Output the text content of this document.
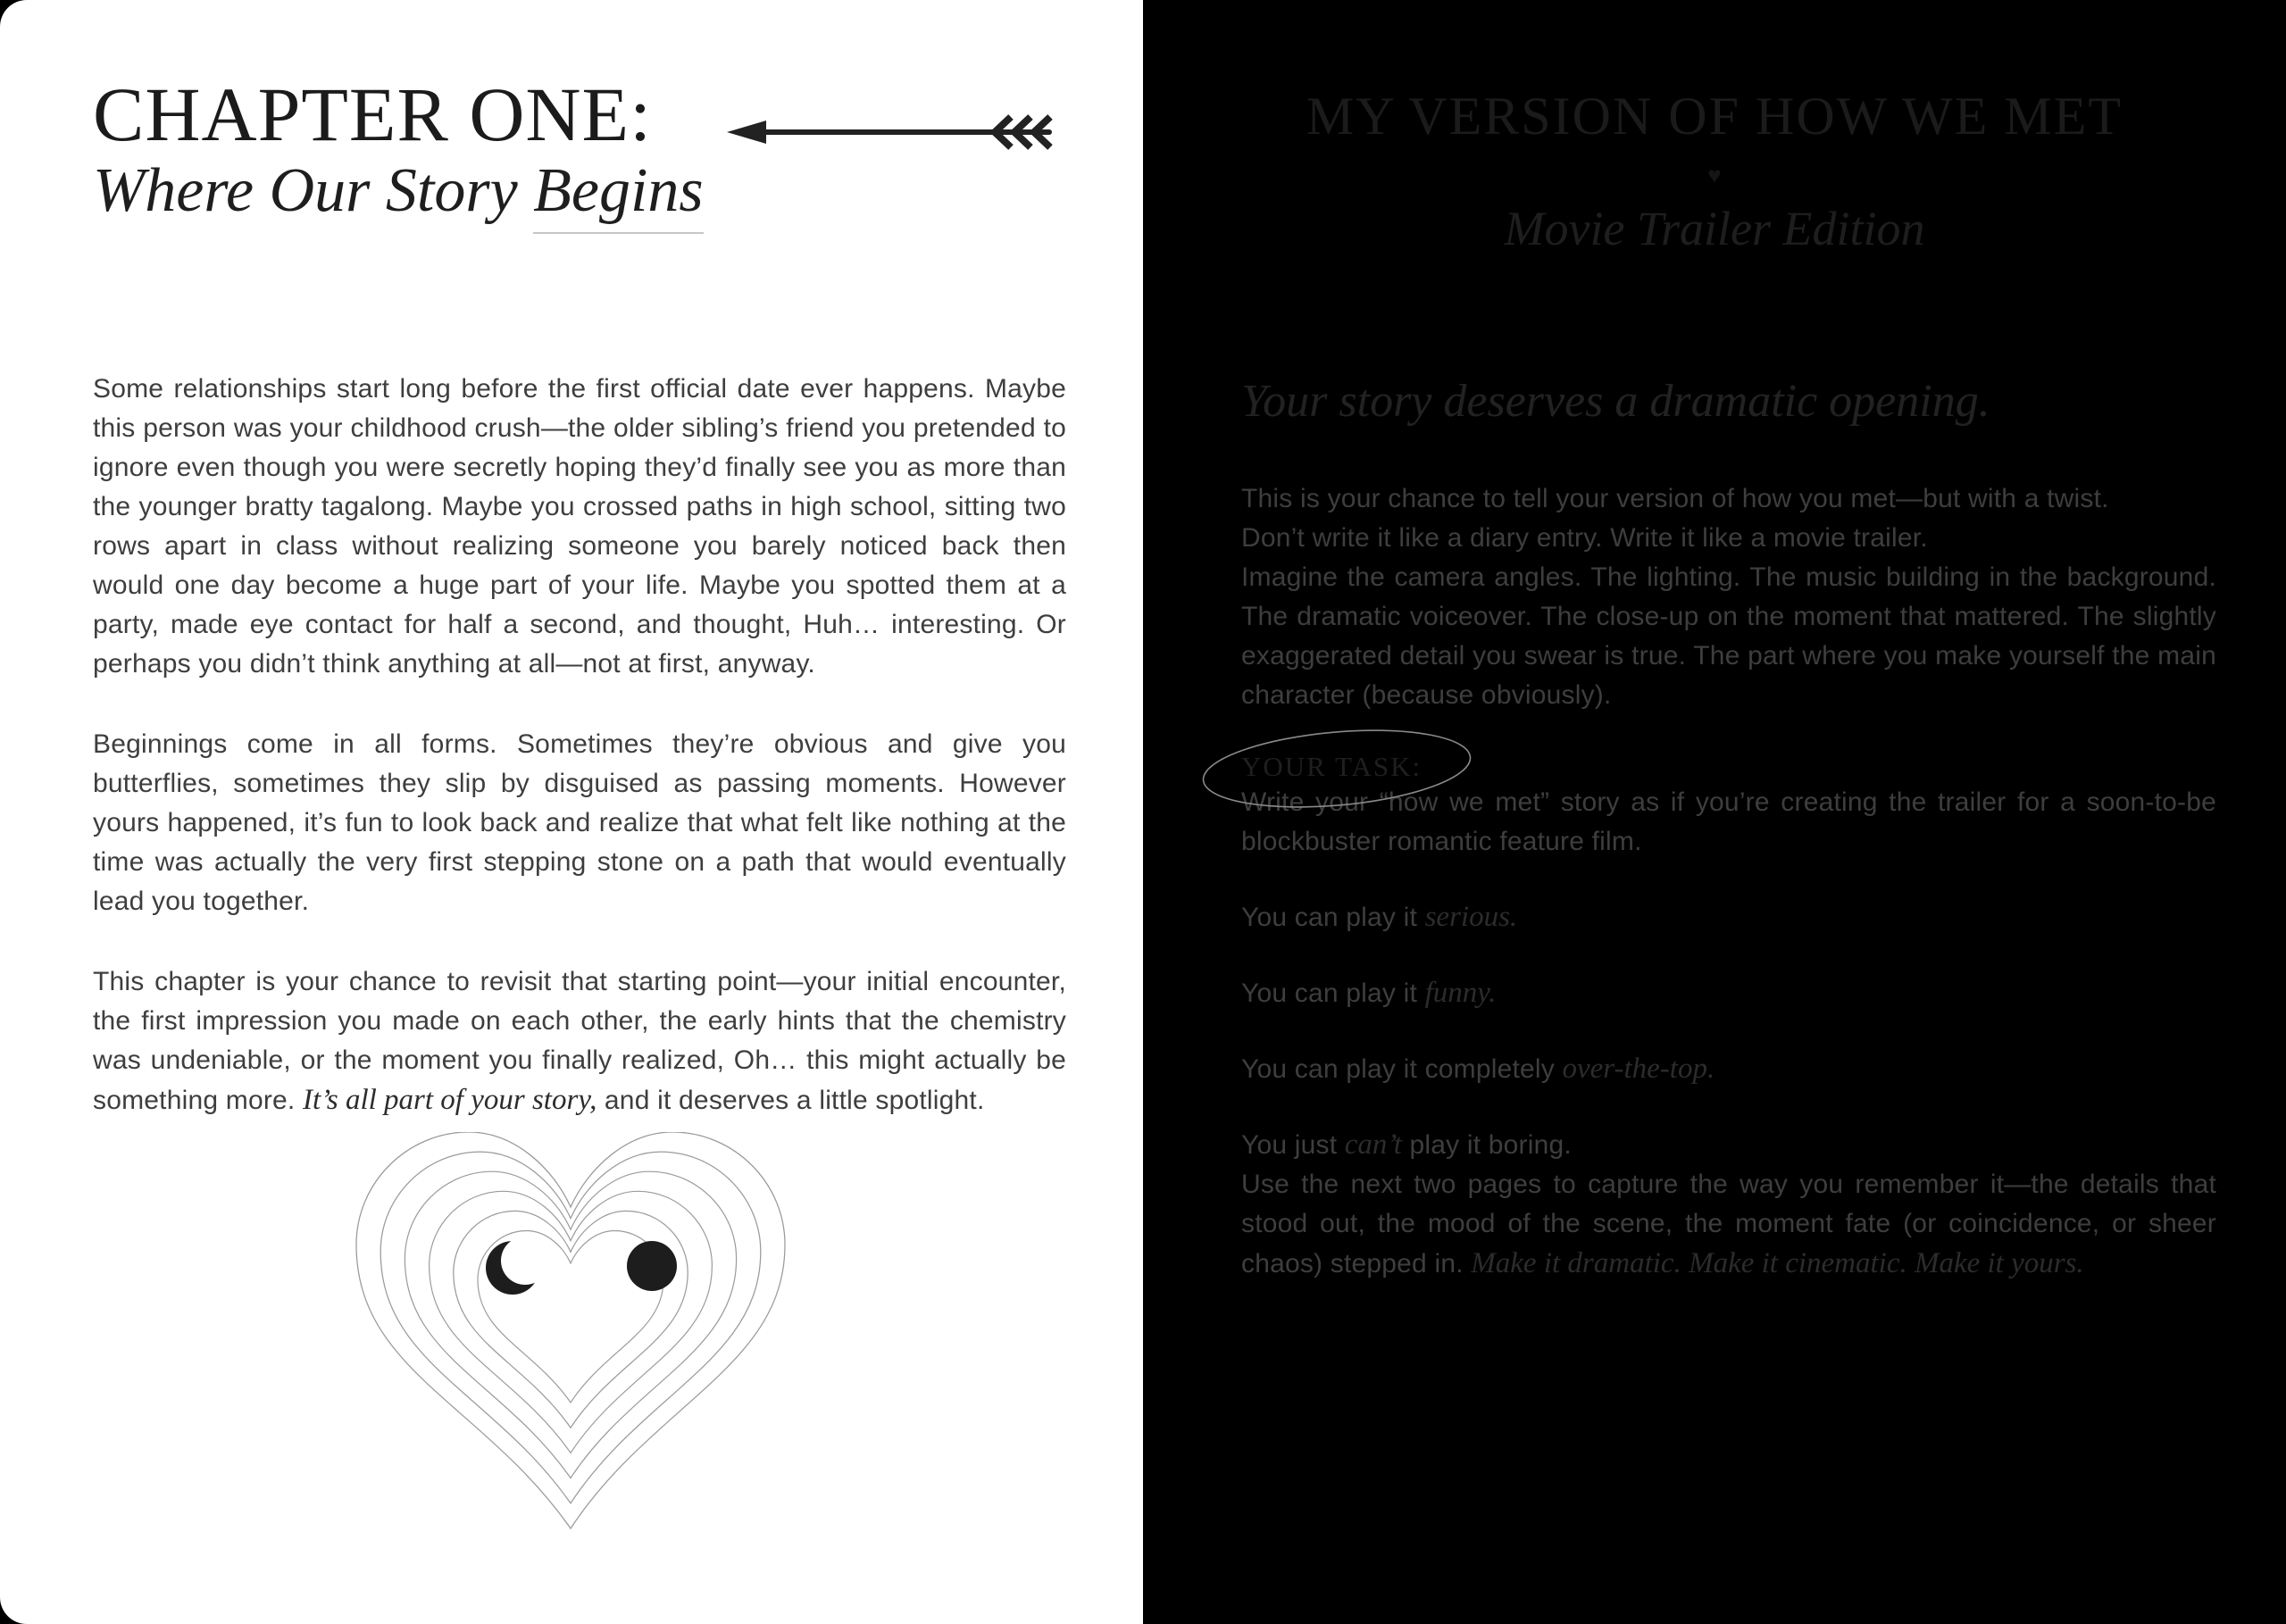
CHAPTER ONE:
Where Our Story Begins

Some relationships start long before the first official date ever happens. Maybe this person was your childhood crush—the older sibling’s friend you pretended to ignore even though you were secretly hoping they’d finally see you as more than the younger bratty tagalong. Maybe you crossed paths in high school, sitting two rows apart in class without realizing someone you barely noticed back then would one day become a huge part of your life. Maybe you spotted them at a party, made eye contact for half a second, and thought, Huh… interesting. Or perhaps you didn’t think anything at all—not at first, anyway.

Beginnings come in all forms. Sometimes they’re obvious and give you butterflies, sometimes they slip by disguised as passing moments. However yours happened, it’s fun to look back and realize that what felt like nothing at the time was actually the very first stepping stone on a path that would eventually lead you together.

This chapter is your chance to revisit that starting point—your initial encounter, the first impression you made on each other, the early hints that the chemistry was undeniable, or the moment you finally realized, Oh… this might actually be something more. It’s all part of your story, and it deserves a little spotlight.

MY VERSION OF HOW WE MET
♥
Movie Trailer Edition
Your story deserves a dramatic opening.

This is your chance to tell your version of how you met—but with a twist.

Don’t write it like a diary entry. Write it like a movie trailer.

Imagine the camera angles. The lighting. The music building in the background. The dramatic voiceover. The close-up on the moment that mattered. The slightly exaggerated detail you swear is true. The part where you make yourself the main character (because obviously).

YOUR TASK:

Write your “how we met” story as if you’re creating the trailer for a soon-to-be blockbuster romantic feature film.

You can play it serious.

You can play it funny.

You can play it completely over-the-top.

You just can’t play it boring.

Use the next two pages to capture the way you remember it—the details that stood out, the mood of the scene, the moment fate (or coincidence, or sheer chaos) stepped in. Make it dramatic. Make it cinematic. Make it yours.
